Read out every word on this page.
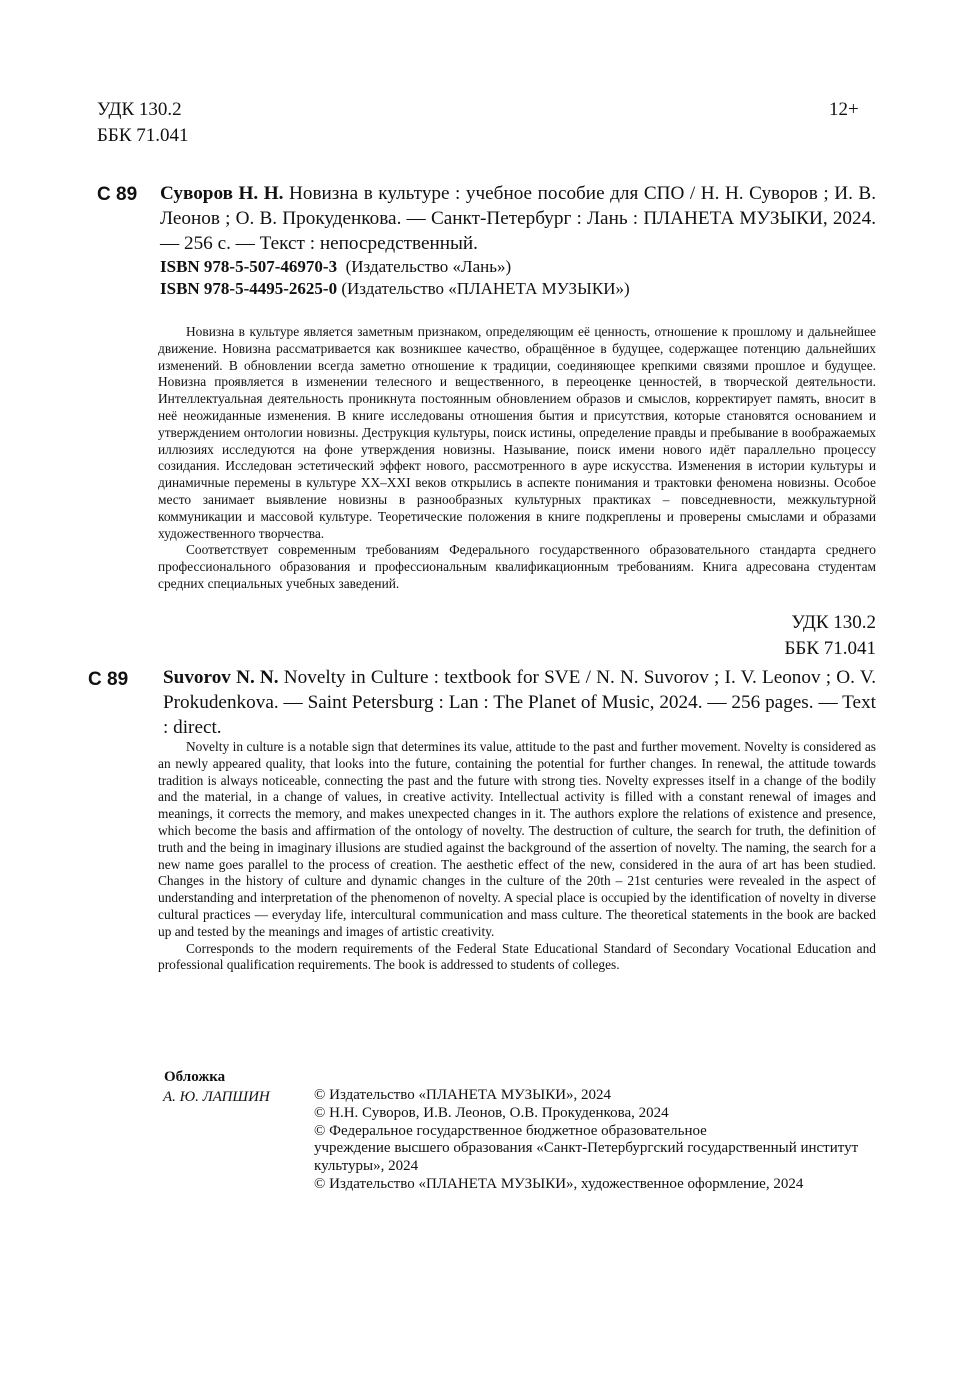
УДК 130.2
ББК 71.041
12+
С 89 Суворов Н. Н. Новизна в культуре : учебное пособие для СПО / Н. Н. Суворов ; И. В. Леонов ; О. В. Прокуденкова. — Санкт-Петербург : Лань : ПЛАНЕТА МУЗЫКИ, 2024. — 256 с. — Текст : непосредственный.
ISBN 978-5-507-46970-3 (Издательство «Лань»)
ISBN 978-5-4495-2625-0 (Издательство «ПЛАНЕТА МУЗЫКИ»)

Новизна в культуре является заметным признаком, определяющим её ценность, отношение к прошлому и дальнейшее движение. Новизна рассматривается как возникшее качество, обращённое в будущее, содержащее потенцию дальнейших изменений. В обновлении всегда заметно отношение к традиции, соединяющее крепкими связями прошлое и будущее. Новизна проявляется в изменении телесного и вещественного, в переоценке ценностей, в творческой деятельности. Интеллектуальная деятельность проникнута постоянным обновлением образов и смыслов, корректирует память, вносит в неё неожиданные изменения. В книге исследованы отношения бытия и присутствия, которые становятся основанием и утверждением онтологии новизны. Деструкция культуры, поиск истины, определение правды и пребывание в воображаемых иллюзиях исследуются на фоне утверждения новизны. Называние, поиск имени нового идёт параллельно процессу созидания. Исследован эстетический эффект нового, рассмотренного в ауре искусства. Изменения в истории культуры и динамичные перемены в культуре XX–XXI веков открылись в аспекте понимания и трактовки феномена новизны. Особое место занимает выявление новизны в разнообразных культурных практиках – повседневности, межкультурной коммуникации и массовой культуре. Теоретические положения в книге подкреплены и проверены смыслами и образами художественного творчества.

Соответствует современным требованиям Федерального государственного образовательного стандарта среднего профессионального образования и профессиональным квалификационным требованиям. Книга адресована студентам средних специальных учебных заведений.

УДК 130.2
ББК 71.041
С 89 Suvorov N. N. Novelty in Culture : textbook for SVE / N. N. Suvorov ; I. V. Leonov ; O. V. Prokudenkova. — Saint Petersburg : Lan : The Planet of Music, 2024. — 256 pages. — Text : direct.

Novelty in culture is a notable sign that determines its value, attitude to the past and further movement. Novelty is considered as an newly appeared quality, that looks into the future, containing the potential for further changes. In renewal, the attitude towards tradition is always noticeable, connecting the past and the future with strong ties. Novelty expresses itself in a change of the bodily and the material, in a change of values, in creative activity. Intellectual activity is filled with a constant renewal of images and meanings, it corrects the memory, and makes unexpected changes in it. The authors explore the relations of existence and presence, which become the basis and affirmation of the ontology of novelty. The destruction of culture, the search for truth, the definition of truth and the being in imaginary illusions are studied against the background of the assertion of novelty. The naming, the search for a new name goes parallel to the process of creation. The aesthetic effect of the new, considered in the aura of art has been studied. Changes in the history of culture and dynamic changes in the culture of the 20th – 21st centuries were revealed in the aspect of understanding and interpretation of the phenomenon of novelty. A special place is occupied by the identification of novelty in diverse cultural practices — everyday life, intercultural communication and mass culture. The theoretical statements in the book are backed up and tested by the meanings and images of artistic creativity.

Corresponds to the modern requirements of the Federal State Educational Standard of Secondary Vocational Education and professional qualification requirements. The book is addressed to students of colleges.

Обложка
А. Ю. ЛАПШИН	© Издательство «ПЛАНЕТА МУЗЫКИ», 2024
© Н.Н. Суворов, И.В. Леонов, О.В. Прокуденкова, 2024
© Федеральное государственное бюджетное образовательное
учреждение высшего образования «Санкт-Петербургский государственный институт
культуры», 2024
© Издательство «ПЛАНЕТА МУЗЫКИ», художественное оформление, 2024
